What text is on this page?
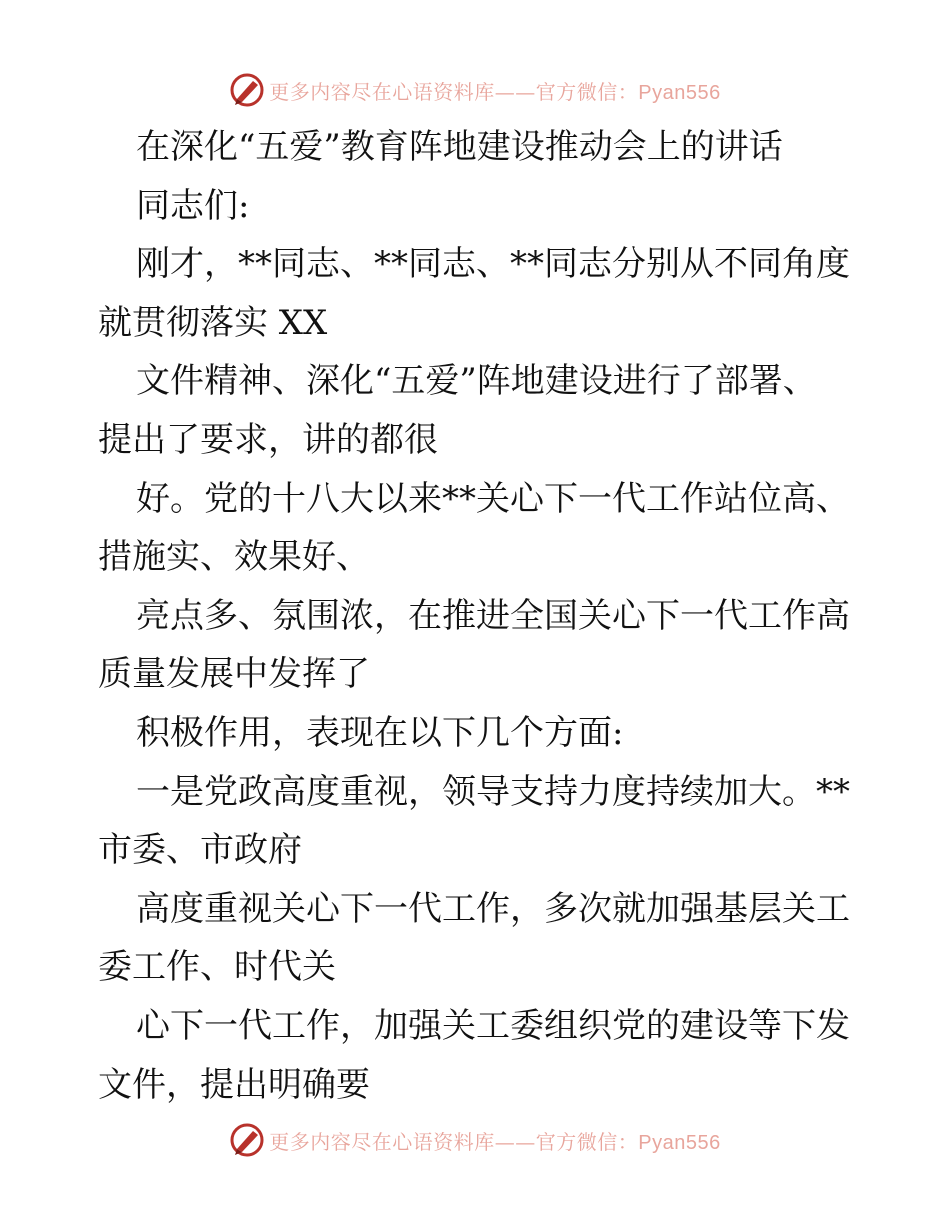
更多内容尽在心语资料库——官方微信：Pyan556

在深化“五爱”教育阵地建设推动会上的讲话

同志们:

刚才，**同志、**同志、**同志分别从不同角度

就贯彻落实 XX

文件精神、深化“五爱”阵地建设进行了部署、

提出了要求，讲的都很

好。党的十八大以来**关心下一代工作站位高、

措施实、效果好、

亮点多、氛围浓，在推进全国关心下一代工作高

质量发展中发挥了

积极作用，表现在以下几个方面:

一是党政高度重视，领导支持力度持续加大。**

市委、市政府

高度重视关心下一代工作，多次就加强基层关工

委工作、时代关

心下一代工作，加强关工委组织党的建设等下发

文件，提出明确要

更多内容尽在心语资料库——官方微信：Pyan556
